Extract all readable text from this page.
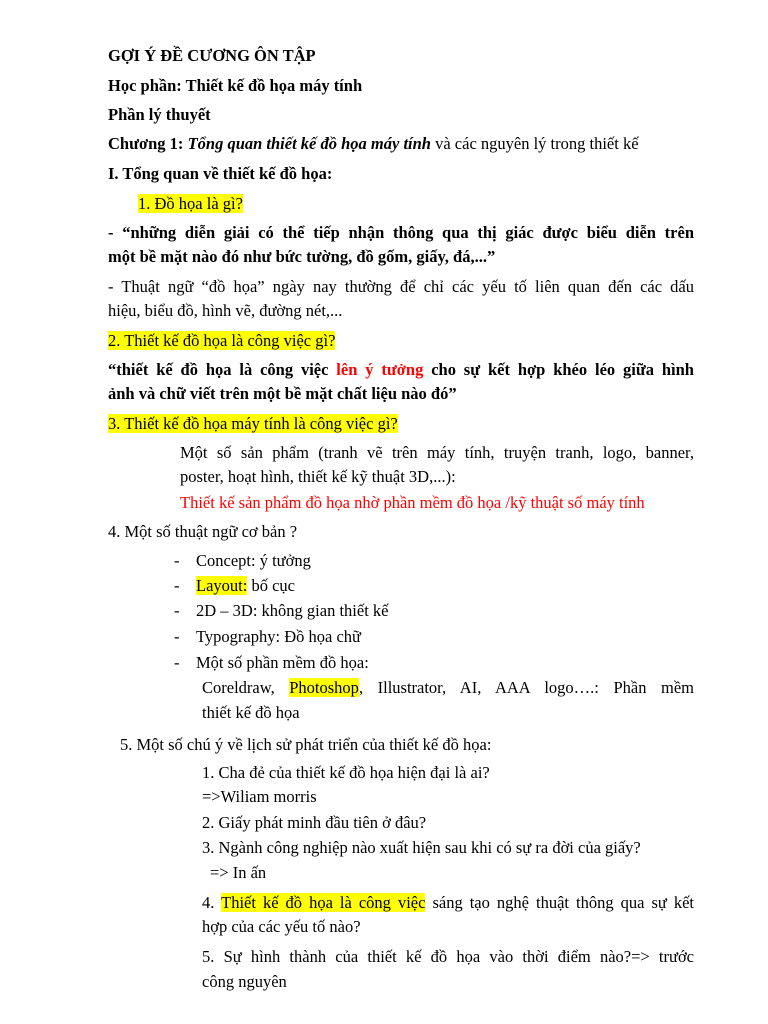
GỢI Ý ĐỀ CƯƠNG ÔN TẬP
Học phần: Thiết kế đồ họa máy tính
Phần lý thuyết
Chương 1: Tổng quan thiết kế đồ họa máy tính và các nguyên lý trong thiết kế
I. Tổng quan về thiết kế đồ họa:
1. Đồ họa là gì?
- “những diễn giải có thể tiếp nhận thông qua thị giác được biểu diễn trên
một bề mặt nào đó như bức tường, đồ gốm, giấy, đá,...”
- Thuật ngữ “đồ họa” ngày nay thường để chỉ các yếu tố liên quan đến các dấu
hiệu, biểu đồ, hình vẽ, đường nét,...
2. Thiết kế đồ họa là công việc gì?
“thiết kế đồ họa là công việc lên ý tưởng cho sự kết hợp khéo léo giữa hình
ảnh và chữ viết trên một bề mặt chất liệu nào đó”
3. Thiết kế đồ họa máy tính là công việc gì?
Một số sản phẩm (tranh vẽ trên máy tính, truyện tranh, logo, banner,
poster, hoạt hình, thiết kế kỹ thuật 3D,...):
Thiết kế sản phẩm đồ họa nhờ phần mềm đồ họa /kỹ thuật số máy tính
4. Một số thuật ngữ cơ bản ?
- Concept: ý tưởng
- Layout: bố cục
- 2D – 3D: không gian thiết kế
- Typography: Đồ họa chữ
- Một số phần mềm đồ họa:
Coreldraw, Photoshop, Illustrator, AI, AAA logo….: Phần mềm
thiết kế đồ họa
5. Một số chú ý về lịch sử phát triển của thiết kế đồ họa:
1. Cha đẻ của thiết kế đồ họa hiện đại là ai?
=>Wiliam morris
2. Giấy phát minh đầu tiên ở đâu?
3. Ngành công nghiệp nào xuất hiện sau khi có sự ra đời của giấy?
=> In ấn
4. Thiết kế đồ họa là công việc sáng tạo nghệ thuật thông qua sự kết
hợp của các yếu tố nào?
5. Sự hình thành của thiết kế đồ họa vào thời điểm nào?=> trước
công nguyên
